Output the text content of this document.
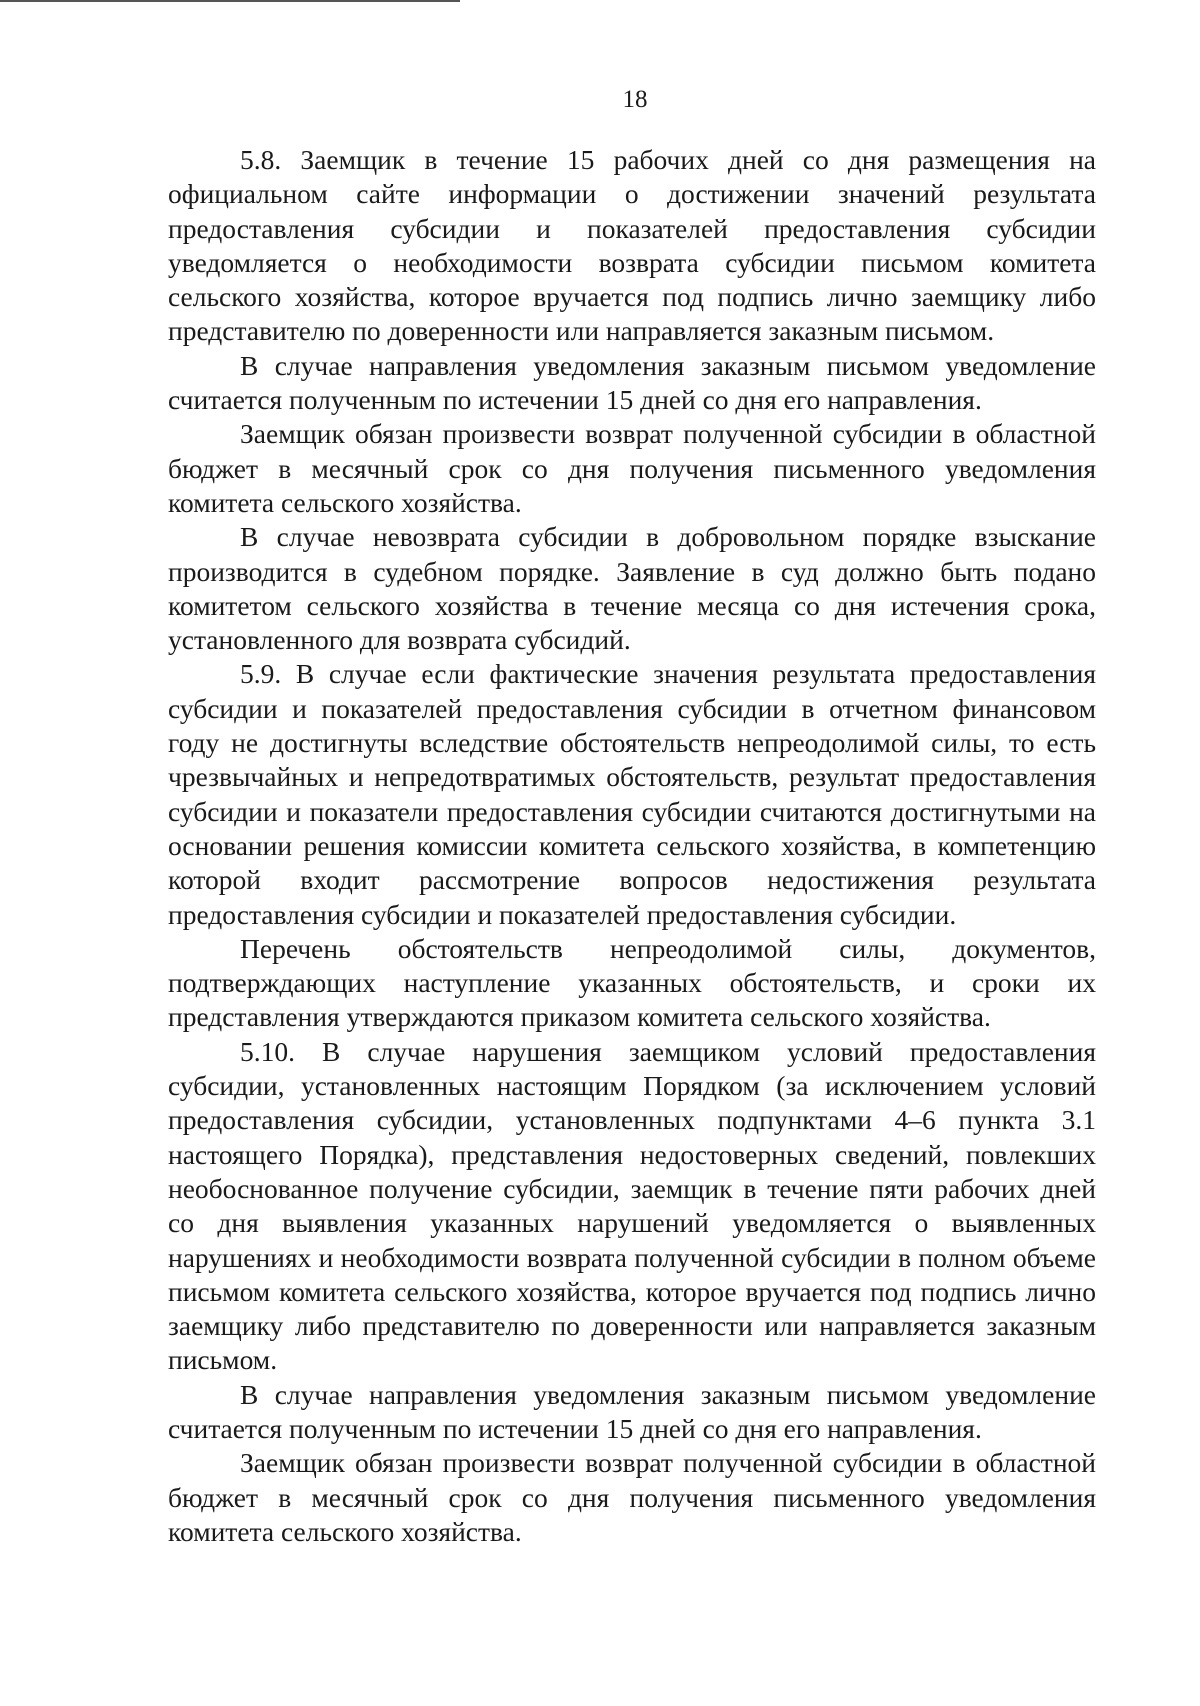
18

5.8. Заемщик в течение 15 рабочих дней со дня размещения на официальном сайте информации о достижении значений результата предоставления субсидии и показателей предоставления субсидии уведомляется о необходимости возврата субсидии письмом комитета сельского хозяйства, которое вручается под подпись лично заемщику либо представителю по доверенности или направляется заказным письмом.

В случае направления уведомления заказным письмом уведомление считается полученным по истечении 15 дней со дня его направления.

Заемщик обязан произвести возврат полученной субсидии в областной бюджет в месячный срок со дня получения письменного уведомления комитета сельского хозяйства.

В случае невозврата субсидии в добровольном порядке взыскание производится в судебном порядке. Заявление в суд должно быть подано комитетом сельского хозяйства в течение месяца со дня истечения срока, установленного для возврата субсидий.

5.9. В случае если фактические значения результата предоставления субсидии и показателей предоставления субсидии в отчетном финансовом году не достигнуты вследствие обстоятельств непреодолимой силы, то есть чрезвычайных и непредотвратимых обстоятельств, результат предоставления субсидии и показатели предоставления субсидии считаются достигнутыми на основании решения комиссии комитета сельского хозяйства, в компетенцию которой входит рассмотрение вопросов недостижения результата предоставления субсидии и показателей предоставления субсидии.

Перечень обстоятельств непреодолимой силы, документов, подтверждающих наступление указанных обстоятельств, и сроки их представления утверждаются приказом комитета сельского хозяйства.

5.10. В случае нарушения заемщиком условий предоставления субсидии, установленных настоящим Порядком (за исключением условий предоставления субсидии, установленных подпунктами 4–6 пункта 3.1 настоящего Порядка), представления недостоверных сведений, повлекших необоснованное получение субсидии, заемщик в течение пяти рабочих дней со дня выявления указанных нарушений уведомляется о выявленных нарушениях и необходимости возврата полученной субсидии в полном объеме письмом комитета сельского хозяйства, которое вручается под подпись лично заемщику либо представителю по доверенности или направляется заказным письмом.

В случае направления уведомления заказным письмом уведомление считается полученным по истечении 15 дней со дня его направления.

Заемщик обязан произвести возврат полученной субсидии в областной бюджет в месячный срок со дня получения письменного уведомления комитета сельского хозяйства.
